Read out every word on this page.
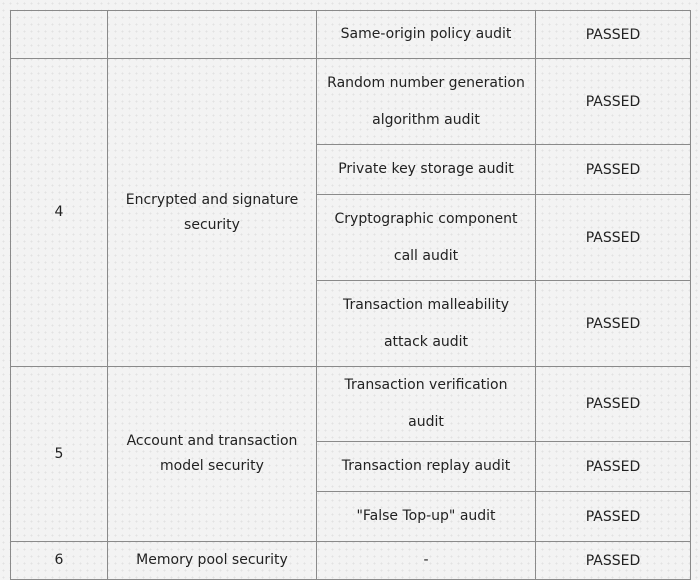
		Same-origin policy audit	PASSED
4	Encrypted and signature security	Random number generation algorithm audit	PASSED
		Private key storage audit	PASSED
		Cryptographic component call audit	PASSED
		Transaction malleability attack audit	PASSED
5	Account and transaction model security	Transaction verification audit	PASSED
		Transaction replay audit	PASSED
		"False Top-up" audit	PASSED
6	Memory pool security	-	PASSED
